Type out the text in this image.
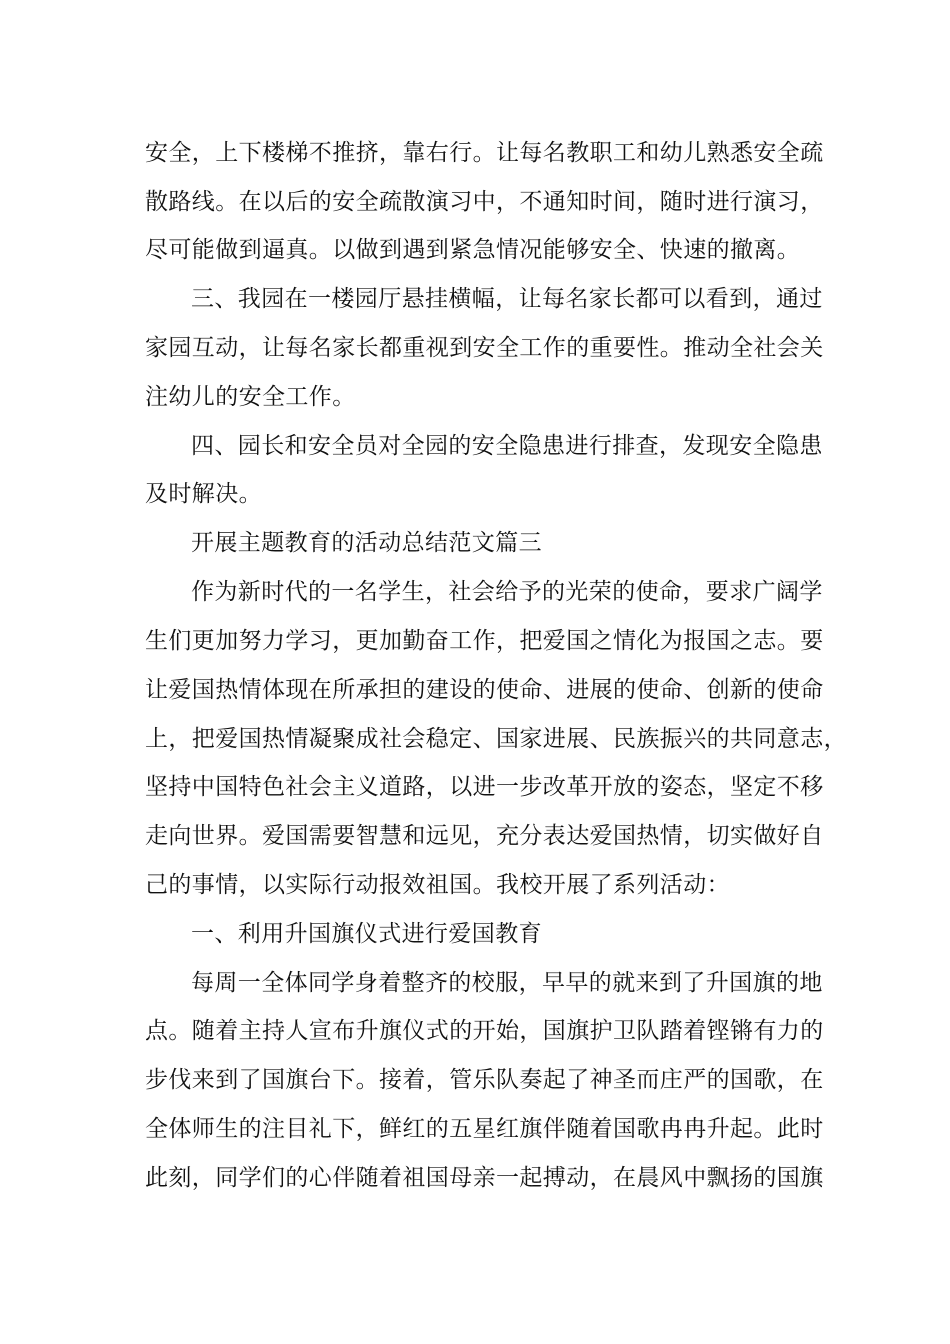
安全，上下楼梯不推挤，靠右行。让每名教职工和幼儿熟悉安全疏
散路线。在以后的安全疏散演习中，不通知时间，随时进行演习，
尽可能做到逼真。以做到遇到紧急情况能够安全、快速的撤离。
三、我园在一楼园厅悬挂横幅，让每名家长都可以看到，通过
家园互动，让每名家长都重视到安全工作的重要性。推动全社会关
注幼儿的安全工作。
四、园长和安全员对全园的安全隐患进行排查，发现安全隐患
及时解决。
开展主题教育的活动总结范文篇三
作为新时代的一名学生，社会给予的光荣的使命，要求广阔学
生们更加努力学习，更加勤奋工作，把爱国之情化为报国之志。要
让爱国热情体现在所承担的建设的使命、进展的使命、创新的使命
上，把爱国热情凝聚成社会稳定、国家进展、民族振兴的共同意志，
坚持中国特色社会主义道路，以进一步改革开放的姿态，坚定不移
走向世界。爱国需要智慧和远见，充分表达爱国热情，切实做好自
己的事情，以实际行动报效祖国。我校开展了系列活动：
一、利用升国旗仪式进行爱国教育
每周一全体同学身着整齐的校服，早早的就来到了升国旗的地
点。随着主持人宣布升旗仪式的开始，国旗护卫队踏着铿锵有力的
步伐来到了国旗台下。接着，管乐队奏起了神圣而庄严的国歌，在
全体师生的注目礼下，鲜红的五星红旗伴随着国歌冉冉升起。此时
此刻，同学们的心伴随着祖国母亲一起搏动，在晨风中飘扬的国旗
